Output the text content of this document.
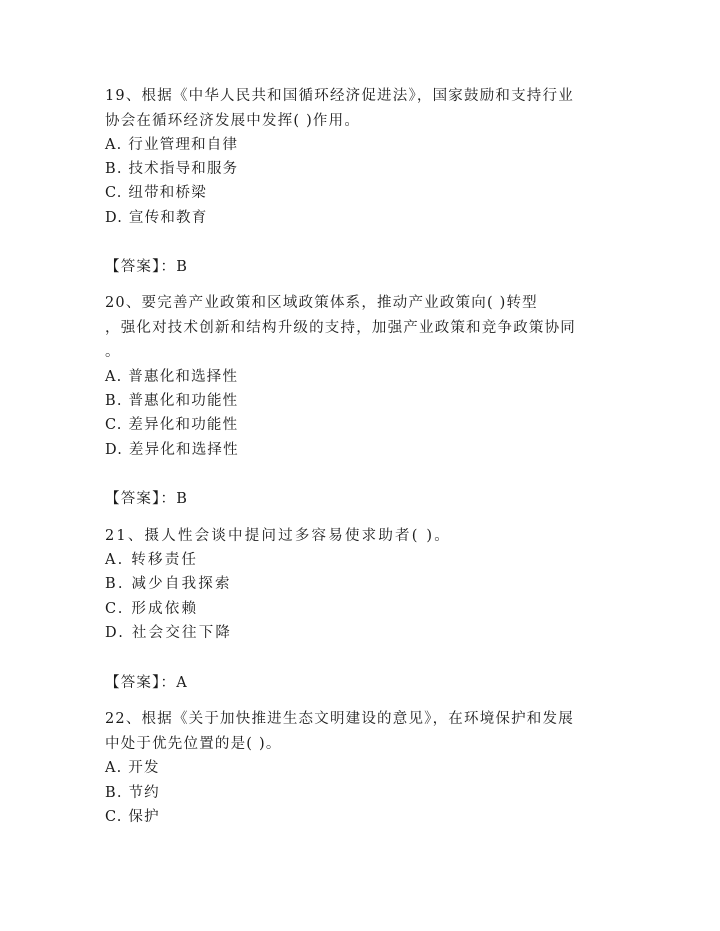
19、根据《中华人民共和国循环经济促进法》，国家鼓励和支持行业
协会在循环经济发展中发挥( )作用。
A. 行业管理和自律
B. 技术指导和服务
C. 纽带和桥梁
D. 宣传和教育
【答案】：B
20、要完善产业政策和区域政策体系，推动产业政策向( )转型
，强化对技术创新和结构升级的支持，加强产业政策和竞争政策协同
。
A. 普惠化和选择性
B. 普惠化和功能性
C. 差异化和功能性
D. 差异化和选择性
【答案】：B
21、摄人性会谈中提问过多容易使求助者( )。
A. 转移责任
B. 减少自我探索
C. 形成依赖
D. 社会交往下降
【答案】：A
22、根据《关于加快推进生态文明建设的意见》，在环境保护和发展
中处于优先位置的是( )。
A. 开发
B. 节约
C. 保护
